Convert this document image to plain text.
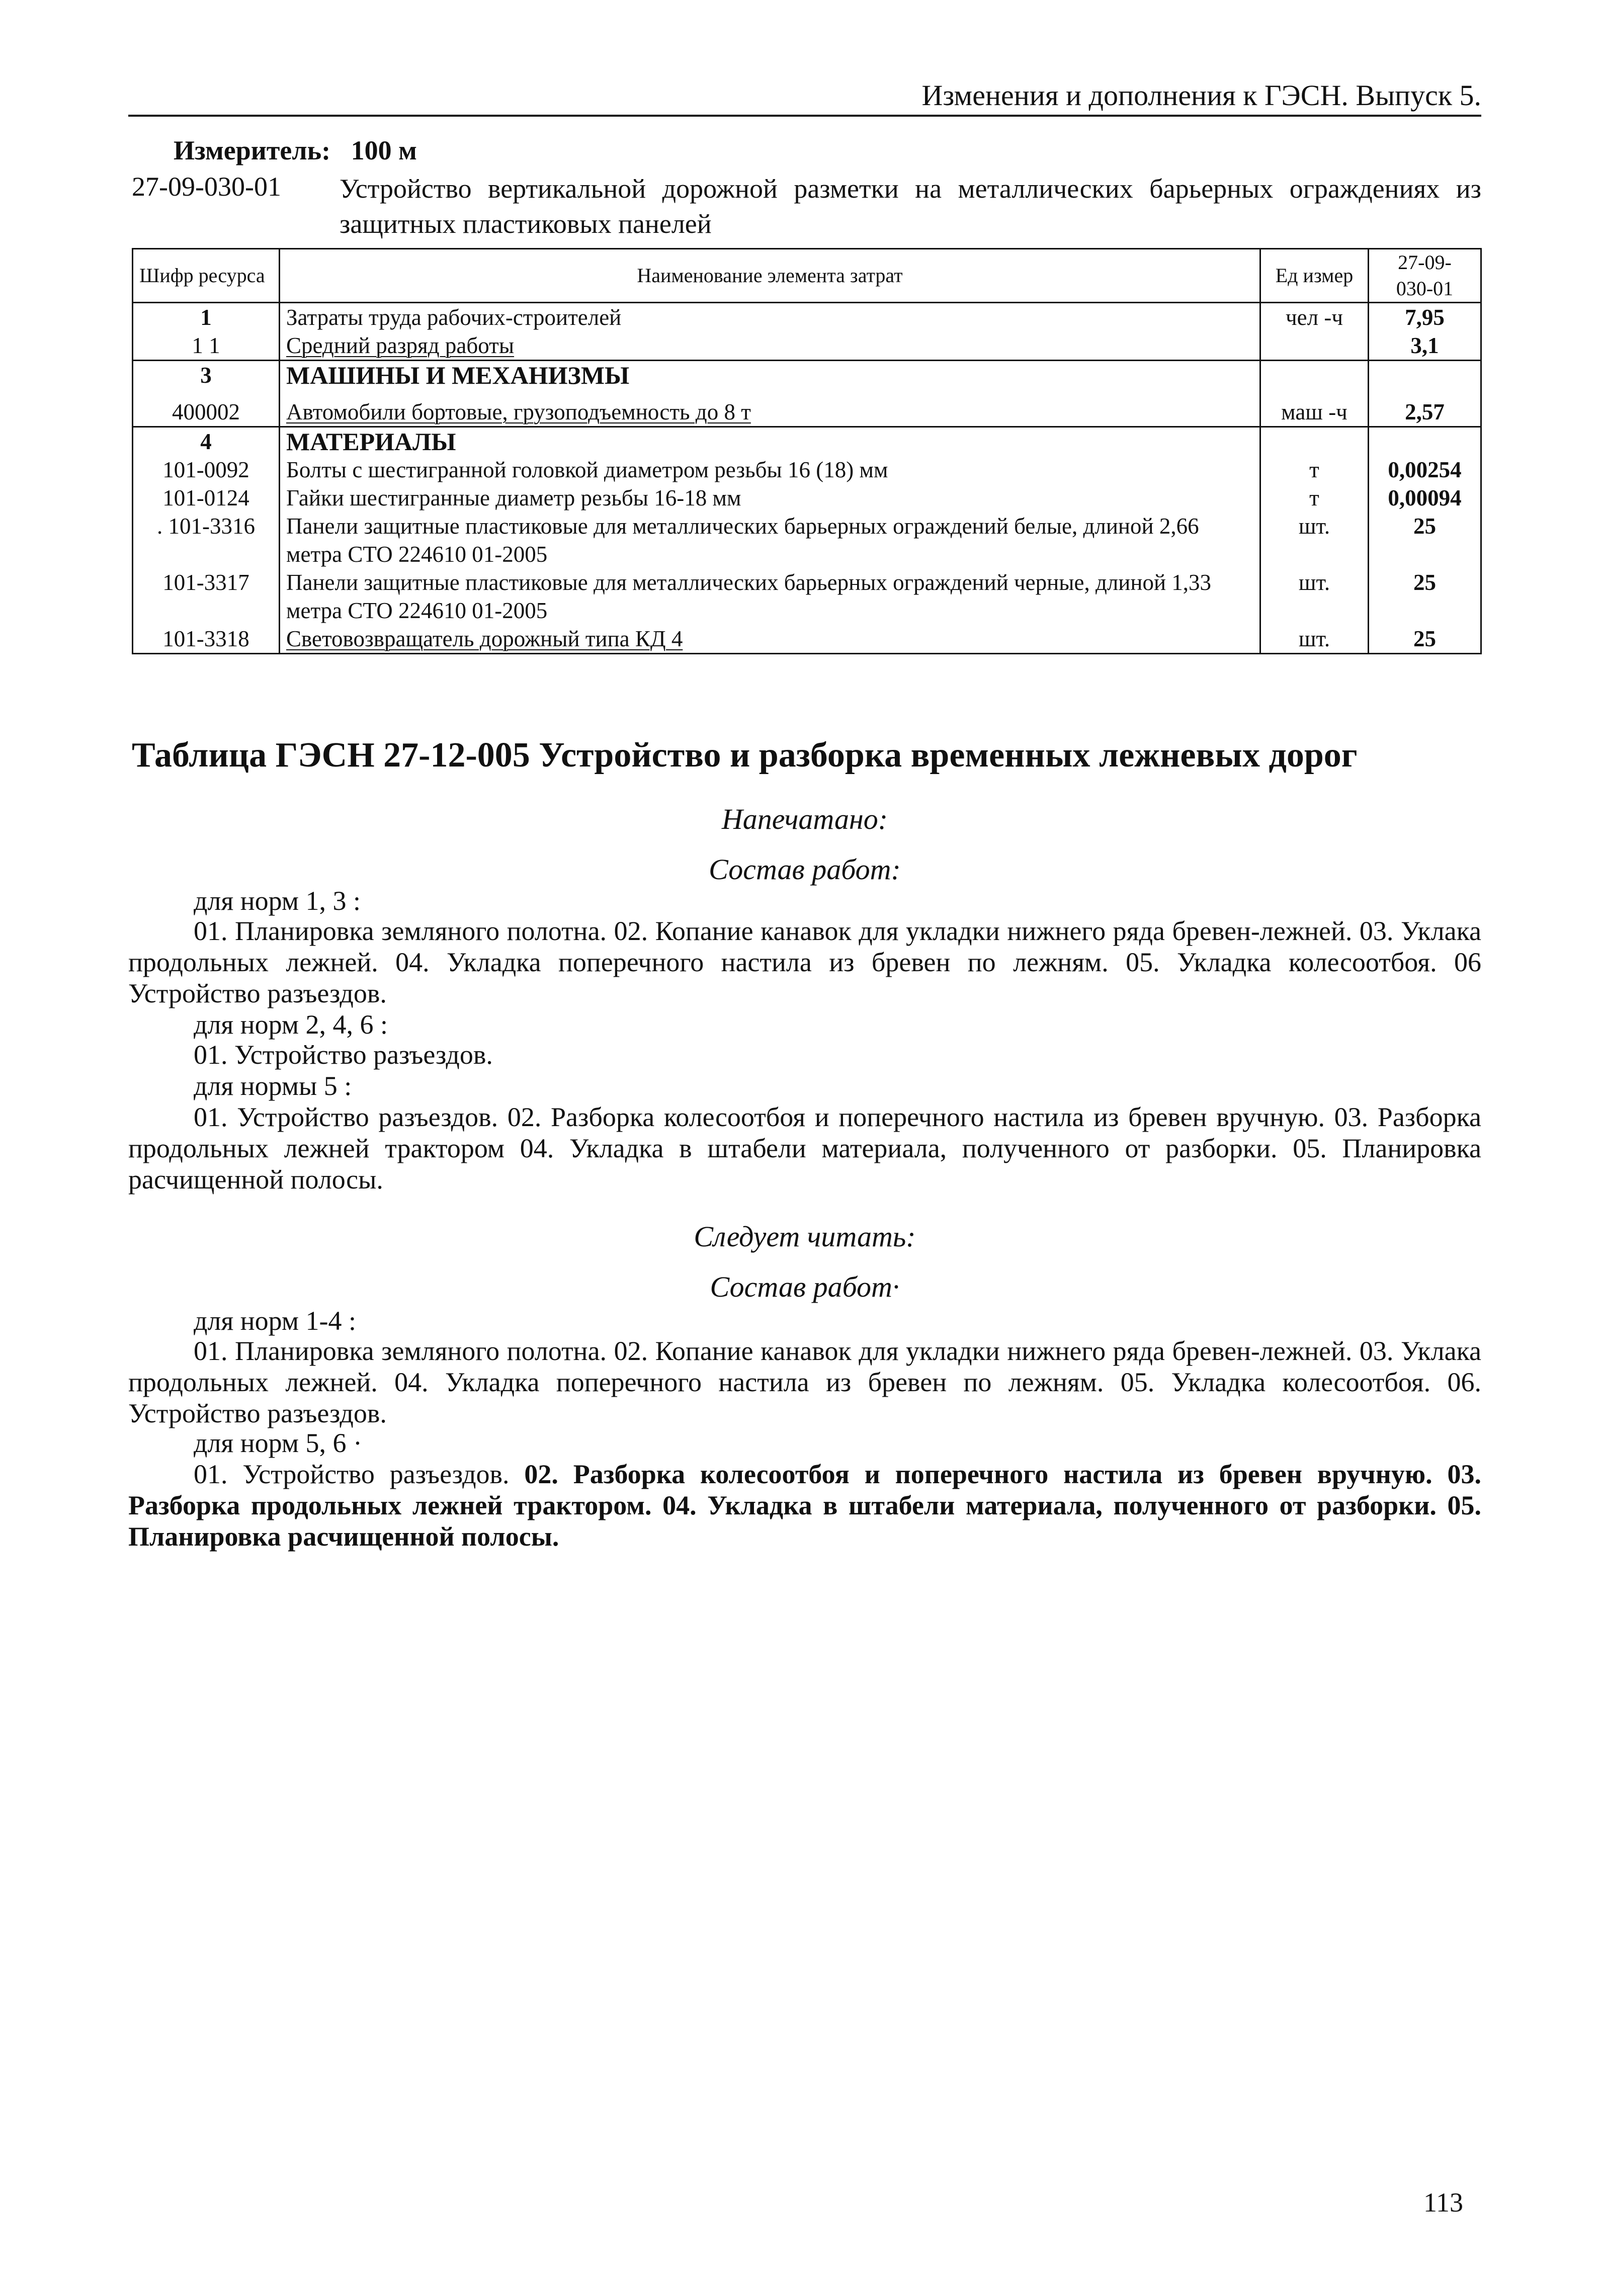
Изменения и дополнения к ГЭСН. Выпуск 5.
Измеритель: 100 м
27-09-030-01 Устройство вертикальной дорожной разметки на металлических барьерных ограждениях из защитных пластиковых панелей
Шифр ресурса	Наименование элемента затрат	Ед измер	27-09-
030-01
1	Затраты труда рабочих-строителей	чел -ч	7,95
1 1	Средний разряд работы		3,1
3	МАШИНЫ И МЕХАНИЗМЫ		
400002	Автомобили бортовые, грузоподъемность до 8 т	маш -ч	2,57
4	МАТЕРИАЛЫ		
101-0092	Болты с шестигранной головкой диаметром резьбы 16 (18) мм	т	0,00254
101-0124	Гайки шестигранные диаметр резьбы 16-18 мм	т	0,00094
. 101-3316	Панели защитные пластиковые для металлических барьерных ограждений белые, длиной 2,66 метра СТО 224610 01-2005	шт.	25
101-3317	Панели защитные пластиковые для металлических барьерных ограждений черные, длиной 1,33 метра СТО 224610 01-2005	шт.	25
101-3318	Световозвращатель дорожный типа КД 4	шт.	25
Таблица ГЭСН 27-12-005 Устройство и разборка временных лежневых дорог
Напечатано:
Состав работ:
для норм 1, 3 :
01. Планировка земляного полотна. 02. Копание канавок для укладки нижнего ряда бревен-лежней. 03. Уклака продольных лежней. 04. Укладка поперечного настила из бревен по лежням. 05. Укладка колесоотбоя. 06 Устройство разъездов.
для норм 2, 4, 6 :
01. Устройство разъездов.
для нормы 5 :
01. Устройство разъездов. 02. Разборка колесоотбоя и поперечного настила из бревен вручную. 03. Разборка продольных лежней трактором 04. Укладка в штабели материала, полученного от разборки. 05. Планировка расчищенной полосы.
Следует читать:
Состав работ·
для норм 1-4 :
01. Планировка земляного полотна. 02. Копание канавок для укладки нижнего ряда бревен-лежней. 03. Уклака продольных лежней. 04. Укладка поперечного настила из бревен по лежням. 05. Укладка колесоотбоя. 06. Устройство разъездов.
для норм 5, 6 ·
01. Устройство разъездов. 02. Разборка колесоотбоя и поперечного настила из бревен вручную. 03. Разборка продольных лежней трактором. 04. Укладка в штабели материала, полученного от разборки. 05. Планировка расчищенной полосы.
113
